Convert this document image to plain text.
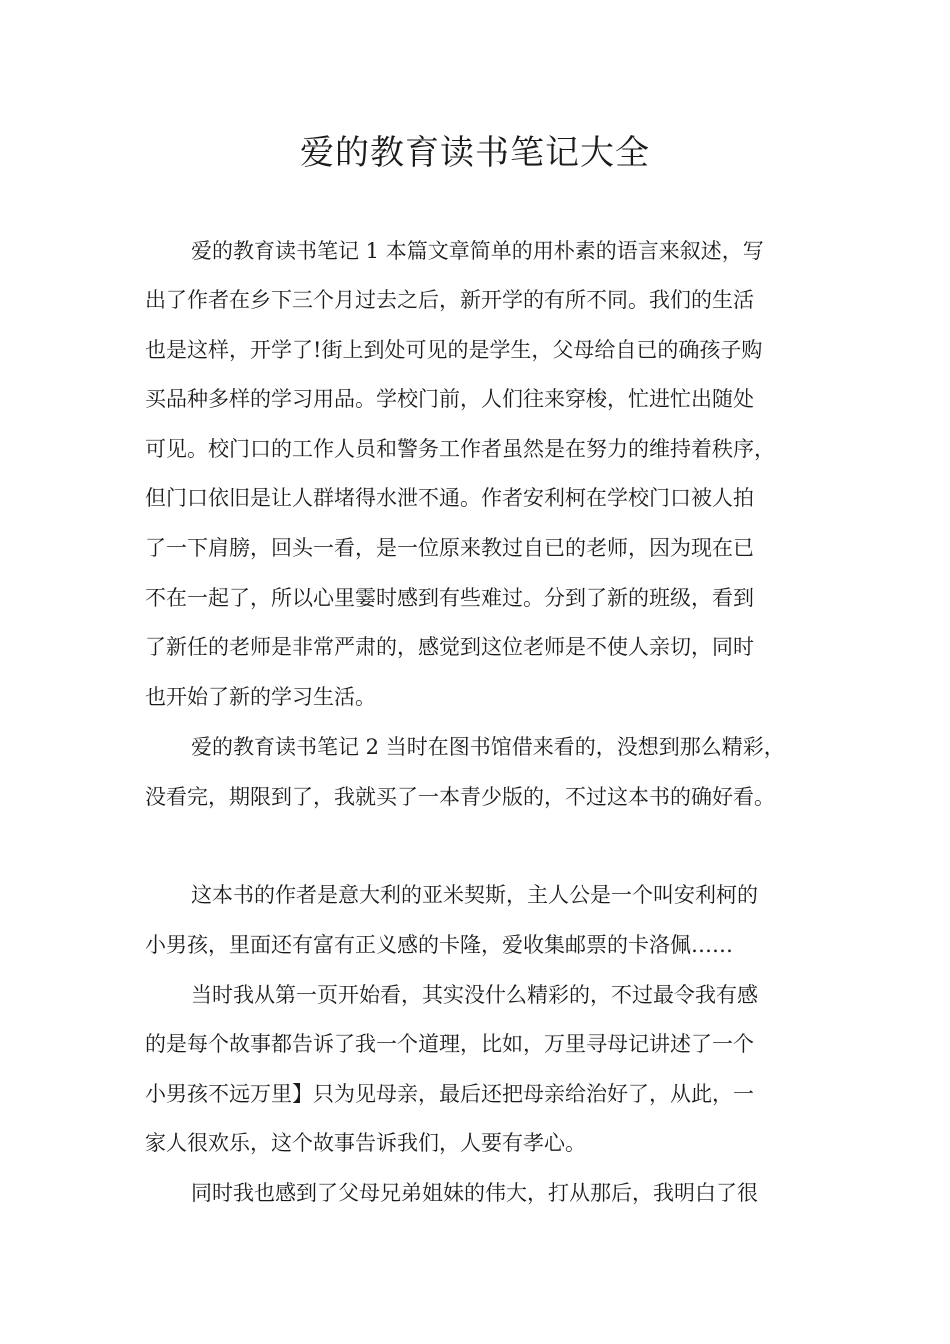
爱的教育读书笔记大全
爱的教育读书笔记 1 本篇文章简单的用朴素的语言来叙述，写
出了作者在乡下三个月过去之后，新开学的有所不同。我们的生活
也是这样，开学了!街上到处可见的是学生，父母给自已的确孩子购
买品种多样的学习用品。学校门前，人们往来穿梭，忙进忙出随处
可见。校门口的工作人员和警务工作者虽然是在努力的维持着秩序，
但门口依旧是让人群堵得水泄不通。作者安利柯在学校门口被人拍
了一下肩膀，回头一看，是一位原来教过自已的老师，因为现在已
不在一起了，所以心里霎时感到有些难过。分到了新的班级，看到
了新任的老师是非常严肃的，感觉到这位老师是不使人亲切，同时
也开始了新的学习生活。
爱的教育读书笔记 2 当时在图书馆借来看的，没想到那么精彩，
没看完，期限到了，我就买了一本青少版的，不过这本书的确好看。
这本书的作者是意大利的亚米契斯，主人公是一个叫安利柯的
小男孩，里面还有富有正义感的卡隆，爱收集邮票的卡洛佩……
当时我从第一页开始看，其实没什么精彩的，不过最令我有感
的是每个故事都告诉了我一个道理，比如，万里寻母记讲述了一个
小男孩不远万里】只为见母亲，最后还把母亲给治好了，从此，一
家人很欢乐，这个故事告诉我们，人要有孝心。
同时我也感到了父母兄弟姐妹的伟大，打从那后，我明白了很
